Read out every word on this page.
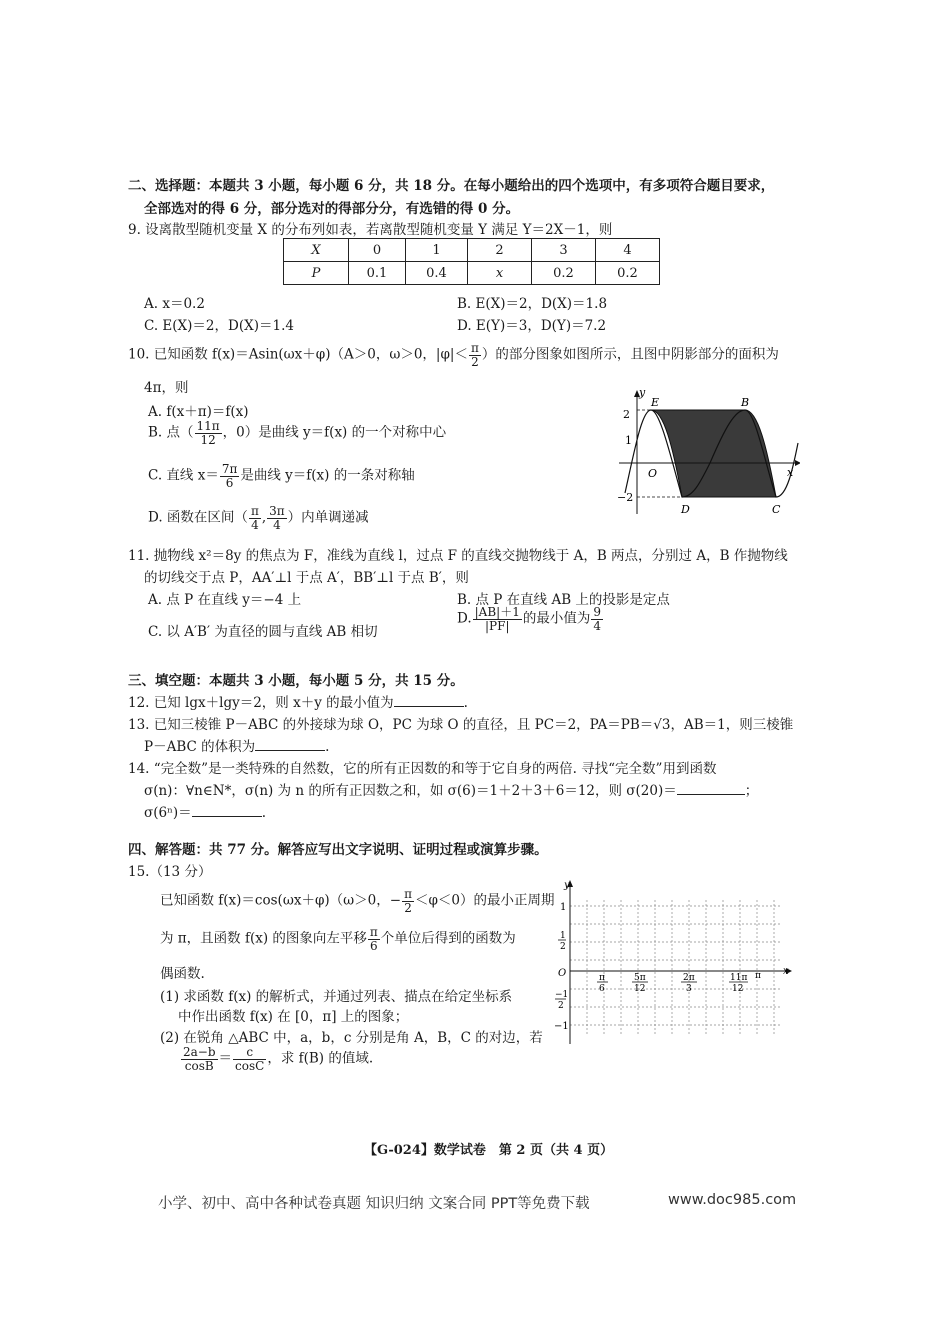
二、选择题：本题共 3 小题，每小题 6 分，共 18 分。在每小题给出的四个选项中，有多项符合题目要求，
全部选对的得 6 分，部分选对的得部分分，有选错的得 0 分。
9. 设离散型随机变量 X 的分布列如表，若离散型随机变量 Y 满足 Y＝2X－1，则
X	0	1	2	3	4
P	0.1	0.4	x	0.2	0.2
A. x＝0.2	B. E(X)＝2，D(X)＝1.8
C. E(X)＝2，D(X)＝1.4	D. E(Y)＝3，D(Y)＝7.2
10. 已知函数 f(x)＝Asin(ωx＋φ)（A＞0，ω＞0，$|\varphi|< \frac{\pi}{2}$ ）的部分图象如图所示，且图中阴影部分的面积为
4π，则
A. f(x＋π)＝f(x)
B. 点（ $\frac{11\pi}{12}$ ，0）是曲线 y＝f(x) 的一个对称中心
C. 直线 $x= \frac{7\pi}{6}$ 是曲线 y＝f(x) 的一条对称轴
D. 函数在区间（ $\frac{\pi}{4}$ , $\frac{3\pi}{4}$ ）内单调递减
y
x
O
2
1
−2
E	B
D	C
11. 抛物线 x²＝8y 的焦点为 F，准线为直线 l，过点 F 的直线交抛物线于 A，B 两点，分别过 A，B 作抛物线
的切线交于点 P，AA′⊥l 于点 A′，BB′⊥l 于点 B′，则
A. 点 P 在直线 y＝−4 上	B. 点 P 在直线 AB 上的投影是定点
C. 以 A′B′ 为直径的圆与直线 AB 相切
D. $\frac{|AB|+1}{|PF|}$ 的最小值为 $\frac{9}{4}$
三、填空题：本题共 3 小题，每小题 5 分，共 15 分。
12. 已知 lgx＋lgy＝2，则 x＋y 的最小值为	.
13. 已知三棱锥 P－ABC 的外接球为球 O，PC 为球 O 的直径，且 PC＝2，PA＝PB＝√3，AB＝1，则三棱锥
P－ABC 的体积为	.
14. “完全数”是一类特殊的自然数，它的所有正因数的和等于它自身的两倍. 寻找“完全数”用到函数
σ(n)：∀n∈N*，σ(n) 为 n 的所有正因数之和，如 σ(6)＝1＋2＋3＋6＝12，则 σ(20)＝	；
σ(6ⁿ)＝	.
四、解答题：共 77 分。解答应写出文字说明、证明过程或演算步骤。
15.（13 分）
已知函数 f(x)＝cos(ωx＋φ)（ω＞0，− $\frac{\pi}{2} <\varphi<0$）的最小正周期
为 π，且函数 f(x) 的图象向左平移 $\frac{\pi}{6}$ 个单位后得到的函数为
偶函数.
(1) 求函数 f(x) 的解析式，并通过列表、描点在给定坐标系
中作出函数 f(x) 在 [0，π] 上的图象；
(2) 在锐角 △ABC 中，a，b，c 分别是角 A，B，C 的对边，若
$\frac{2a-b}{\cos B} = \frac{c}{\cos C}$ ，求 f(B) 的值域.
y
x
O
1
1
2
−1
2
−1
π
6
5π
12
2π
3
11π
12
π
【G-024】数学试卷　第 2 页（共 4 页）
小学、初中、高中各种试卷真题 知识归纳 文案合同 PPT等免费下载	www.doc985.com
